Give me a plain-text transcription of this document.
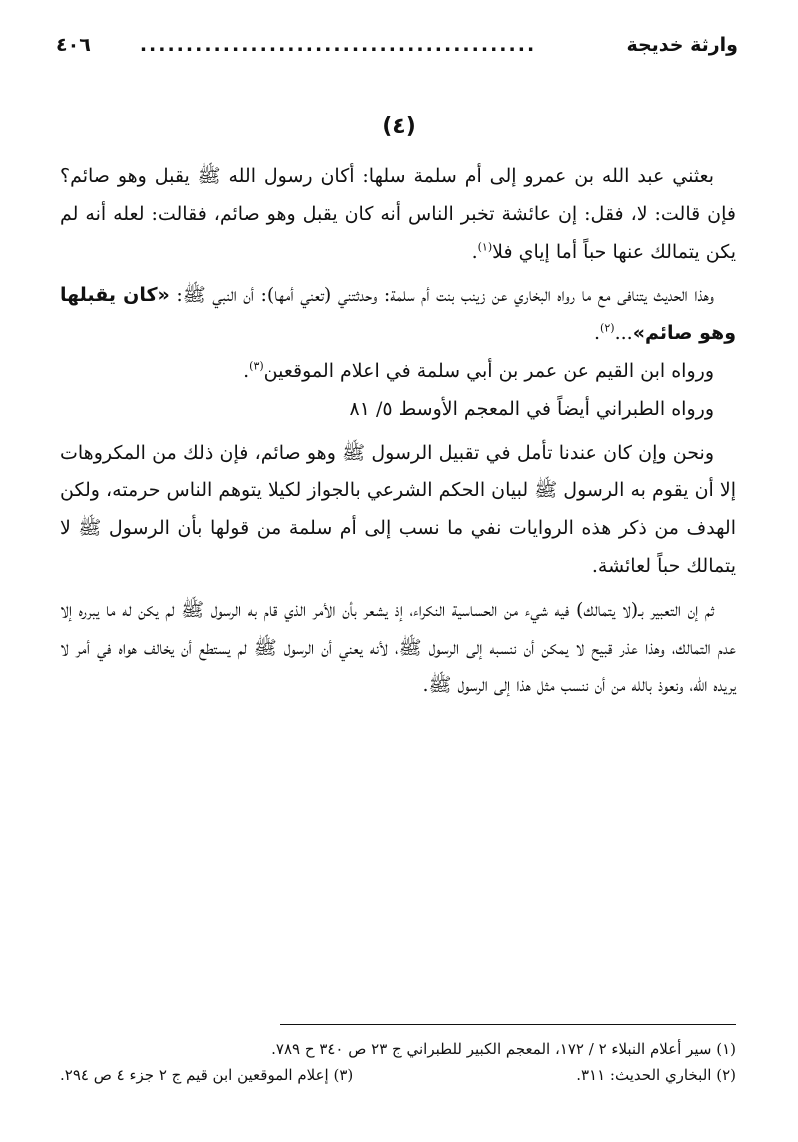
وارثة خديجة
...........................................
٤٠٦
(٤)

بعثني عبد الله بن عمرو إلى أم سلمة سلها: أكان رسول الله ﷺ يقبل وهو صائم؟ فإن قالت: لا، فقل: إن عائشة تخبر الناس أنه كان يقبل وهو صائم، فقالت: لعله أنه لم يكن يتمالك عنها حباً أما إياي فلا$^{(١)}$.

وهذا الحديث يتنافى مع ما رواه البخاري عن زينب بنت أم سلمة: وحدثتني (تعني أمها): أن النبي ﷺ: «كان يقبلها وهو صائم»...$^{(٢)}$.

ورواه ابن القيم عن عمر بن أبي سلمة في اعلام الموقعين$^{(٣)}$.

ورواه الطبراني أيضاً في المعجم الأوسط ٥/ ٨١

ونحن وإن كان عندنا تأمل في تقبيل الرسول ﷺ وهو صائم، فإن ذلك من المكروهات إلا أن يقوم به الرسول ﷺ لبيان الحكم الشرعي بالجواز لكيلا يتوهم الناس حرمته، ولكن الهدف من ذكر هذه الروايات نفي ما نسب إلى أم سلمة من قولها بأن الرسول ﷺ لا يتمالك حباً لعائشة.

ثم إن التعبير بـ(لا يتمالك) فيه شيء من الحساسية النكراء، إذ يشعر بأن الأمر الذي قام به الرسول ﷺ لم يكن له ما يبرره إلا عدم التمالك، وهذا عذر قبيح لا يمكن أن ننسبه إلى الرسول ﷺ، لأنه يعني أن الرسول ﷺ لم يستطع أن يخالف هواه في أمر لا يريده الله، ونعوذ بالله من أن ننسب مثل هذا إلى الرسول ﷺ.

(١) سير أعلام النبلاء ٢ / ١٧٢، المعجم الكبير للطبراني ج ٢٣ ص ٣٤٠ ح ٧٨٩.
(٢) البخاري الحديث: ٣١١.
(٣) إعلام الموقعين ابن قيم ج ٢ جزء ٤ ص ٢٩٤.
